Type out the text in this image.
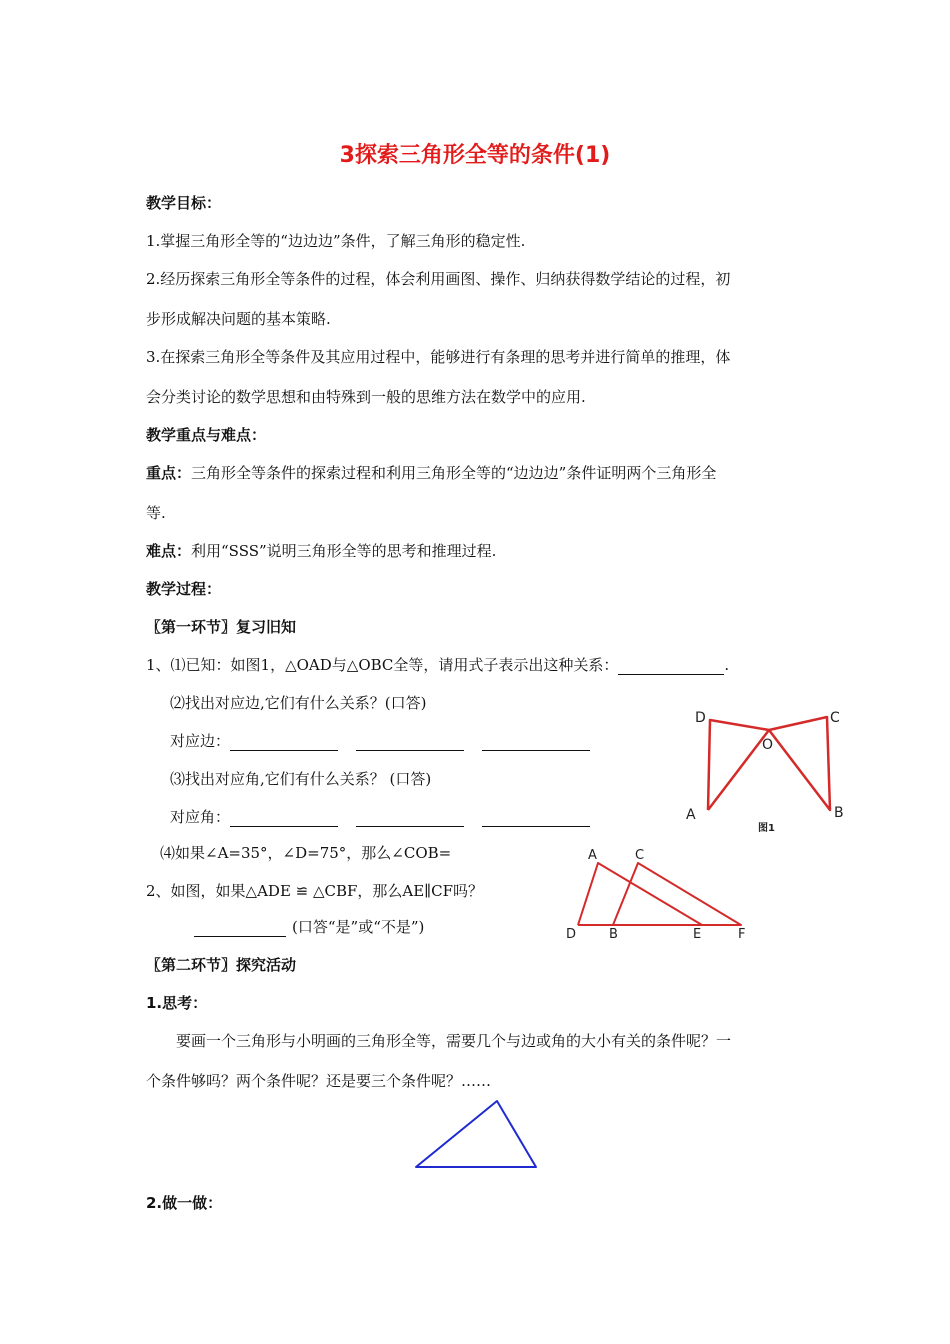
3探索三角形全等的条件(1)
教学目标：
1.掌握三角形全等的“边边边”条件，了解三角形的稳定性.
2.经历探索三角形全等条件的过程，体会利用画图、操作、归纳获得数学结论的过程，初
步形成解决问题的基本策略.
3.在探索三角形全等条件及其应用过程中，能够进行有条理的思考并进行简单的推理，体
会分类讨论的数学思想和由特殊到一般的思维方法在数学中的应用.
教学重点与难点：
重点：三角形全等条件的探索过程和利用三角形全等的“边边边”条件证明两个三角形全
等.
难点：利用“SSS”说明三角形全等的思考和推理过程.
教学过程：
〖第一环节〗复习旧知
1、⑴已知：如图1，△OAD与△OBC全等，请用式子表示出这种关系：	.
⑵找出对应边,它们有什么关系？(口答)
对应边：
⑶找出对应角,它们有什么关系？ (口答)
对应角：
⑷如果∠A=35°，∠D=75°，那么∠COB=
2、如图，如果△ADE ≌ △CBF，那么AE∥CF吗？
(口答“是”或“不是”)
〖第二环节〗探究活动
1.思考：
要画一个三角形与小明画的三角形全等，需要几个与边或角的大小有关的条件呢？一
个条件够吗？两个条件呢？还是要三个条件呢？……
2.做一做：
D	C
O
A	B
图1
A	C
D	B	E	F
